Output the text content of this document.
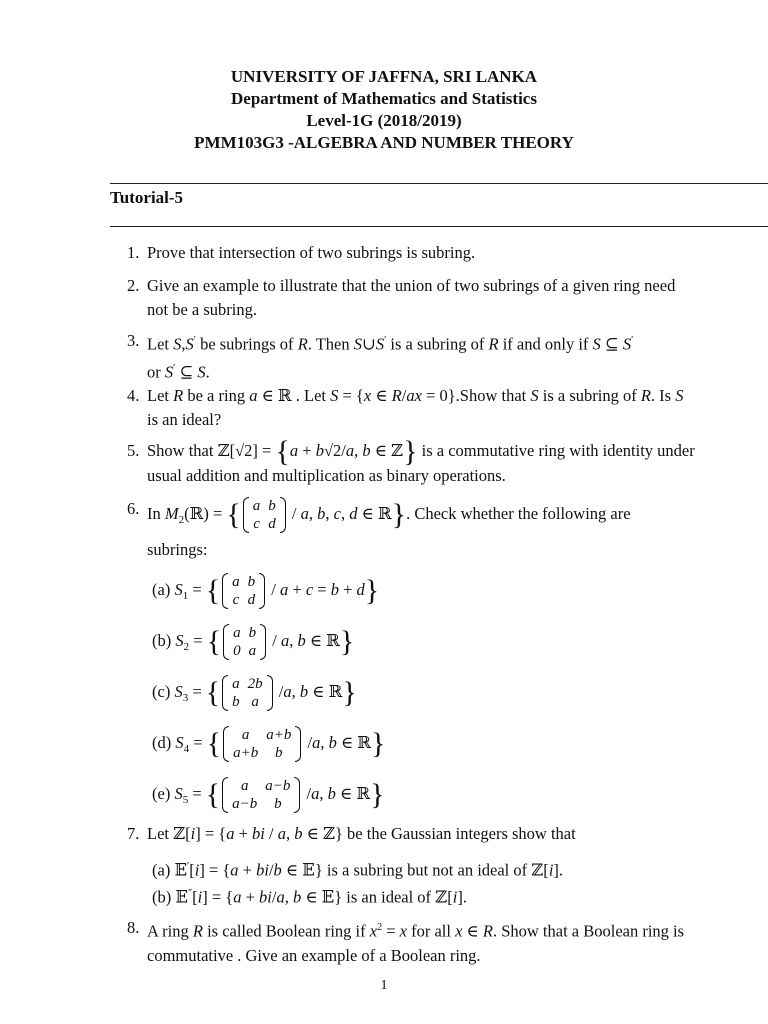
UNIVERSITY OF JAFFNA, SRI LANKA
Department of Mathematics and Statistics
Level-1G (2018/2019)
PMM103G3 -ALGEBRA AND NUMBER THEORY
Tutorial-5
1. Prove that intersection of two subrings is subring.
2. Give an example to illustrate that the union of two subrings of a given ring need not be a subring.
3. Let S,S′ be subrings of R. Then S∪S′ is a subring of R if and only if S ⊆ S′
or S′ ⊆ S.
4. Let R be a ring a ∈ ℝ . Let S = {x ∈ R/ax = 0}.Show that S is a subring of R. Is S is an ideal?
5. Show that ℤ[√2] = {a + b√2/a, b ∈ ℤ} is a commutative ring with identity under usual addition and multiplication as binary operations.
6. In $M_2(ℝ)$ = { a	b
c	d
/ a, b, c, d ∈ ℝ}. Check whether the following are
subrings:
(a) $S_1$ = { a	b
c	d
/ a + c = b + d}
(b) $S_2$ = { a	b
0	a
/ a, b ∈ ℝ}
(c) $S_3$ = { a	2b
b	a
/a, b ∈ ℝ}
(d) $S_4$ = { a	a+b
a+b	b
/a, b ∈ ℝ}
(e) $S_5$ = { a	a−b
a−b	b
/a, b ∈ ℝ}
7. Let ℤ[i] = {a + bi / a, b ∈ ℤ} be the Gaussian integers show that
(a) 𝔼′[i] = {a + bi/b ∈ 𝔼} is a subring but not an ideal of ℤ[i].
(b) 𝔼″[i] = {a + bi/a, b ∈ 𝔼} is an ideal of ℤ[i].
8. A ring R is called Boolean ring if $x^2 = x$ for all x ∈ R. Show that a Boolean ring is commutative . Give an example of a Boolean ring.
1
